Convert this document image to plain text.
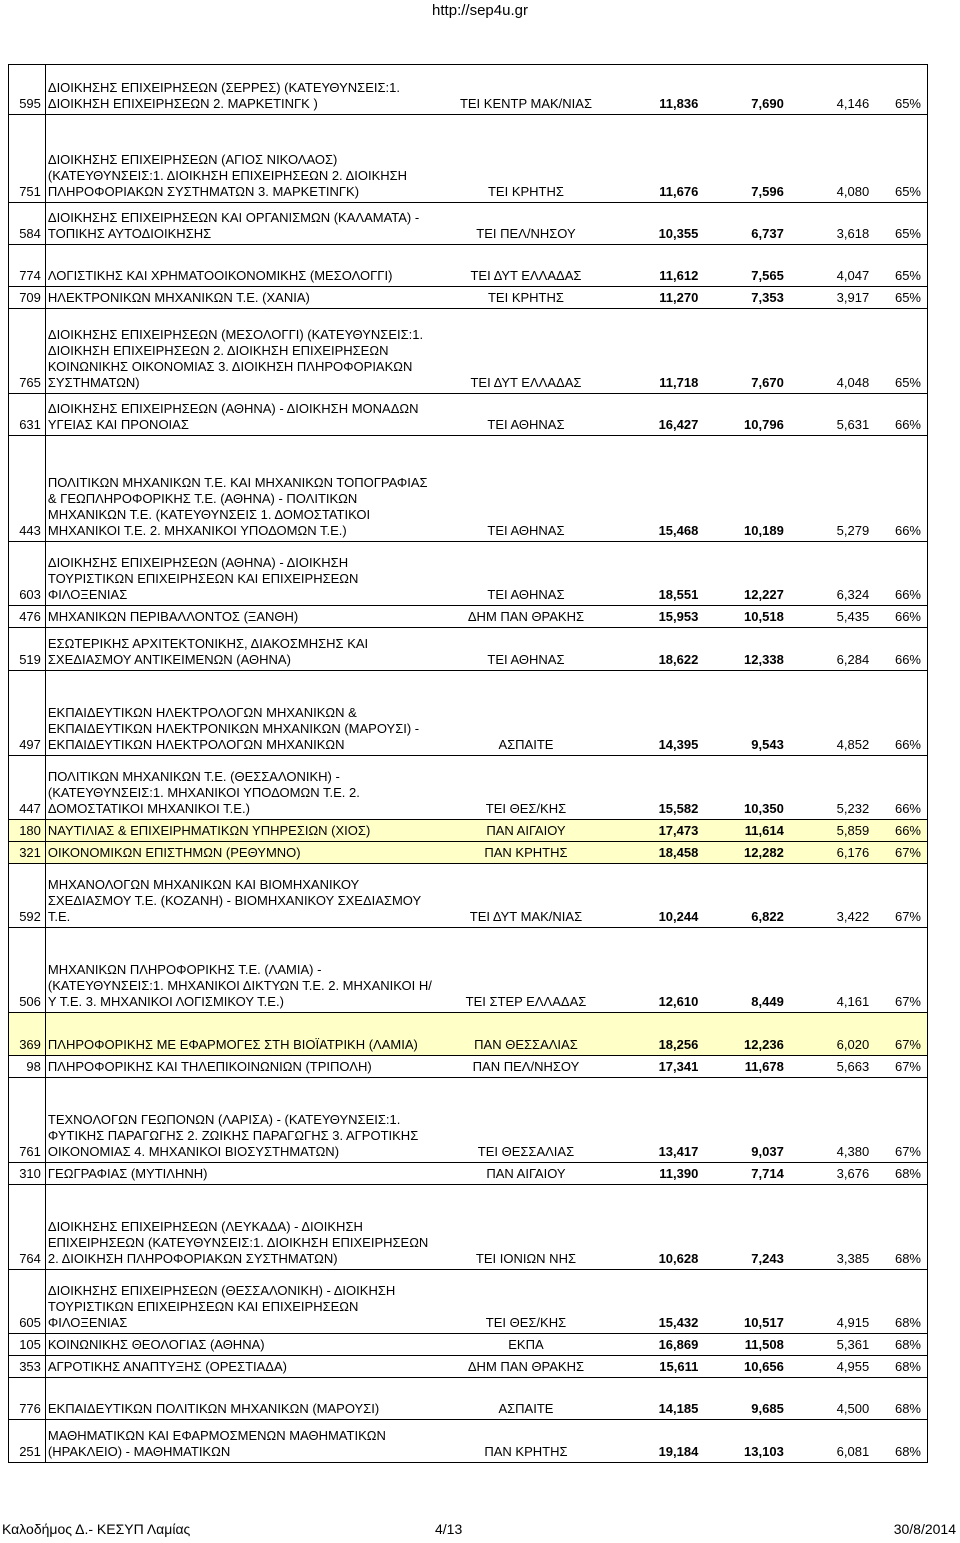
http://sep4u.gr
595	ΔΙΟΙΚΗΣΗΣ ΕΠΙΧΕΙΡΗΣΕΩΝ (ΣΕΡΡΕΣ) (ΚΑΤΕΥΘΥΝΣΕΙΣ:1. ΔΙΟΙΚΗΣΗ ΕΠΙΧΕΙΡΗΣΕΩΝ 2. ΜΑΡΚΕΤΙΝΓΚ )	ΤΕΙ ΚΕΝΤΡ ΜΑΚ/ΝΙΑΣ	11,836	7,690	4,146	65%
751	ΔΙΟΙΚΗΣΗΣ ΕΠΙΧΕΙΡΗΣΕΩΝ (ΑΓΙΟΣ ΝΙΚΟΛΑΟΣ) (ΚΑΤΕΥΘΥΝΣΕΙΣ:1. ΔΙΟΙΚΗΣΗ ΕΠΙΧΕΙΡΗΣΕΩΝ 2. ΔΙΟΙΚΗΣΗ ΠΛΗΡΟΦΟΡΙΑΚΩΝ ΣΥΣΤΗΜΑΤΩΝ 3. ΜΑΡΚΕΤΙΝΓΚ)	ΤΕΙ ΚΡΗΤΗΣ	11,676	7,596	4,080	65%
584	ΔΙΟΙΚΗΣΗΣ ΕΠΙΧΕΙΡΗΣΕΩΝ ΚΑΙ ΟΡΓΑΝΙΣΜΩΝ (ΚΑΛΑΜΑΤΑ) - ΤΟΠΙΚΗΣ ΑΥΤΟΔΙΟΙΚΗΣΗΣ	ΤΕΙ ΠΕΛ/ΝΗΣΟΥ	10,355	6,737	3,618	65%
774	ΛΟΓΙΣΤΙΚΗΣ ΚΑΙ ΧΡΗΜΑΤΟΟΙΚΟΝΟΜΙΚΗΣ (ΜΕΣΟΛΟΓΓΙ)	ΤΕΙ ΔΥΤ ΕΛΛΑΔΑΣ	11,612	7,565	4,047	65%
709	ΗΛΕΚΤΡΟΝΙΚΩΝ ΜΗΧΑΝΙΚΩΝ Τ.Ε. (ΧΑΝΙΑ)	ΤΕΙ ΚΡΗΤΗΣ	11,270	7,353	3,917	65%
765	ΔΙΟΙΚΗΣΗΣ ΕΠΙΧΕΙΡΗΣΕΩΝ (ΜΕΣΟΛΟΓΓΙ) (ΚΑΤΕΥΘΥΝΣΕΙΣ:1. ΔΙΟΙΚΗΣΗ ΕΠΙΧΕΙΡΗΣΕΩΝ 2. ΔΙΟΙΚΗΣΗ ΕΠΙΧΕΙΡΗΣΕΩΝ ΚΟΙΝΩΝΙΚΗΣ ΟΙΚΟΝΟΜΙΑΣ 3. ΔΙΟΙΚΗΣΗ ΠΛΗΡΟΦΟΡΙΑΚΩΝ ΣΥΣΤΗΜΑΤΩΝ)	ΤΕΙ ΔΥΤ ΕΛΛΑΔΑΣ	11,718	7,670	4,048	65%
631	ΔΙΟΙΚΗΣΗΣ ΕΠΙΧΕΙΡΗΣΕΩΝ (ΑΘΗΝΑ) - ΔΙΟΙΚΗΣΗ ΜΟΝΑΔΩΝ ΥΓΕΙΑΣ ΚΑΙ ΠΡΟΝΟΙΑΣ	ΤΕΙ ΑΘΗΝΑΣ	16,427	10,796	5,631	66%
443	ΠΟΛΙΤΙΚΩΝ ΜΗΧΑΝΙΚΩΝ Τ.Ε. ΚΑΙ ΜΗΧΑΝΙΚΩΝ ΤΟΠΟΓΡΑΦΙΑΣ & ΓΕΩΠΛΗΡΟΦΟΡΙΚΗΣ Τ.Ε. (ΑΘΗΝΑ) - ΠΟΛΙΤΙΚΩΝ ΜΗΧΑΝΙΚΩΝ Τ.Ε. (ΚΑΤΕΥΘΥΝΣΕΙΣ 1. ΔΟΜΟΣΤΑΤΙΚΟΙ ΜΗΧΑΝΙΚΟΙ Τ.Ε. 2. ΜΗΧΑΝΙΚΟΙ ΥΠΟΔΟΜΩΝ Τ.Ε.)	ΤΕΙ ΑΘΗΝΑΣ	15,468	10,189	5,279	66%
603	ΔΙΟΙΚΗΣΗΣ ΕΠΙΧΕΙΡΗΣΕΩΝ (ΑΘΗΝΑ) - ΔΙΟΙΚΗΣΗ ΤΟΥΡΙΣΤΙΚΩΝ ΕΠΙΧΕΙΡΗΣΕΩΝ ΚΑΙ ΕΠΙΧΕΙΡΗΣΕΩΝ ΦΙΛΟΞΕΝΙΑΣ	ΤΕΙ ΑΘΗΝΑΣ	18,551	12,227	6,324	66%
476	ΜΗΧΑΝΙΚΩΝ ΠΕΡΙΒΑΛΛΟΝΤΟΣ (ΞΑΝΘΗ)	ΔΗΜ ΠΑΝ ΘΡΑΚΗΣ	15,953	10,518	5,435	66%
519	ΕΣΩΤΕΡΙΚΗΣ ΑΡΧΙΤΕΚΤΟΝΙΚΗΣ, ΔΙΑΚΟΣΜΗΣΗΣ ΚΑΙ ΣΧΕΔΙΑΣΜΟΥ ΑΝΤΙΚΕΙΜΕΝΩΝ (ΑΘΗΝΑ)	ΤΕΙ ΑΘΗΝΑΣ	18,622	12,338	6,284	66%
497	ΕΚΠΑΙΔΕΥΤΙΚΩΝ ΗΛΕΚΤΡΟΛΟΓΩΝ ΜΗΧΑΝΙΚΩΝ & ΕΚΠΑΙΔΕΥΤΙΚΩΝ ΗΛΕΚΤΡΟΝΙΚΩΝ ΜΗΧΑΝΙΚΩΝ (ΜΑΡΟΥΣΙ) - ΕΚΠΑΙΔΕΥΤΙΚΩΝ ΗΛΕΚΤΡΟΛΟΓΩΝ ΜΗΧΑΝΙΚΩΝ	ΑΣΠΑΙΤΕ	14,395	9,543	4,852	66%
447	ΠΟΛΙΤΙΚΩΝ ΜΗΧΑΝΙΚΩΝ Τ.Ε. (ΘΕΣΣΑΛΟΝΙΚΗ) - (ΚΑΤΕΥΘΥΝΣΕΙΣ:1. ΜΗΧΑΝΙΚΟΙ ΥΠΟΔΟΜΩΝ Τ.Ε. 2. ΔΟΜΟΣΤΑΤΙΚΟΙ ΜΗΧΑΝΙΚΟΙ Τ.Ε.)	ΤΕΙ ΘΕΣ/ΚΗΣ	15,582	10,350	5,232	66%
180	ΝΑΥΤΙΛΙΑΣ & ΕΠΙΧΕΙΡΗΜΑΤΙΚΩΝ ΥΠΗΡΕΣΙΩΝ (ΧΙΟΣ)	ΠΑΝ ΑΙΓΑΙΟΥ	17,473	11,614	5,859	66%
321	ΟΙΚΟΝΟΜΙΚΩΝ ΕΠΙΣΤΗΜΩΝ (ΡΕΘΥΜΝΟ)	ΠΑΝ ΚΡΗΤΗΣ	18,458	12,282	6,176	67%
592	ΜΗΧΑΝΟΛΟΓΩΝ ΜΗΧΑΝΙΚΩΝ ΚΑΙ ΒΙΟΜΗΧΑΝΙΚΟΥ ΣΧΕΔΙΑΣΜΟΥ Τ.Ε. (ΚΟΖΑΝΗ) - ΒΙΟΜΗΧΑΝΙΚΟΥ ΣΧΕΔΙΑΣΜΟΥ Τ.Ε.	ΤΕΙ ΔΥΤ ΜΑΚ/ΝΙΑΣ	10,244	6,822	3,422	67%
506	ΜΗΧΑΝΙΚΩΝ ΠΛΗΡΟΦΟΡΙΚΗΣ Τ.Ε. (ΛΑΜΙΑ) - (ΚΑΤΕΥΘΥΝΣΕΙΣ:1. ΜΗΧΑΝΙΚΟΙ ΔΙΚΤΥΩΝ Τ.Ε. 2. ΜΗΧΑΝΙΚΟΙ Η/Υ Τ.Ε. 3. ΜΗΧΑΝΙΚΟΙ ΛΟΓΙΣΜΙΚΟΥ Τ.Ε.)	ΤΕΙ ΣΤΕΡ ΕΛΛΑΔΑΣ	12,610	8,449	4,161	67%
369	ΠΛΗΡΟΦΟΡΙΚΗΣ ΜΕ ΕΦΑΡΜΟΓΕΣ ΣΤΗ ΒΙΟΪΑΤΡΙΚΗ (ΛΑΜΙΑ)	ΠΑΝ ΘΕΣΣΑΛΙΑΣ	18,256	12,236	6,020	67%
98	ΠΛΗΡΟΦΟΡΙΚΗΣ ΚΑΙ ΤΗΛΕΠΙΚΟΙΝΩΝΙΩΝ (ΤΡΙΠΟΛΗ)	ΠΑΝ ΠΕΛ/ΝΗΣΟΥ	17,341	11,678	5,663	67%
761	ΤΕΧΝΟΛΟΓΩΝ ΓΕΩΠΟΝΩΝ (ΛΑΡΙΣΑ) - (ΚΑΤΕΥΘΥΝΣΕΙΣ:1. ΦΥΤΙΚΗΣ ΠΑΡΑΓΩΓΗΣ 2. ΖΩΙΚΗΣ ΠΑΡΑΓΩΓΗΣ 3. ΑΓΡΟΤΙΚΗΣ ΟΙΚΟΝΟΜΙΑΣ 4. ΜΗΧΑΝΙΚΟΙ ΒΙΟΣΥΣΤΗΜΑΤΩΝ)	ΤΕΙ ΘΕΣΣΑΛΙΑΣ	13,417	9,037	4,380	67%
310	ΓΕΩΓΡΑΦΙΑΣ (ΜΥΤΙΛΗΝΗ)	ΠΑΝ ΑΙΓΑΙΟΥ	11,390	7,714	3,676	68%
764	ΔΙΟΙΚΗΣΗΣ ΕΠΙΧΕΙΡΗΣΕΩΝ (ΛΕΥΚΑΔΑ) - ΔΙΟΙΚΗΣΗ ΕΠΙΧΕΙΡΗΣΕΩΝ (ΚΑΤΕΥΘΥΝΣΕΙΣ:1. ΔΙΟΙΚΗΣΗ ΕΠΙΧΕΙΡΗΣΕΩΝ 2. ΔΙΟΙΚΗΣΗ ΠΛΗΡΟΦΟΡΙΑΚΩΝ ΣΥΣΤΗΜΑΤΩΝ)	ΤΕΙ ΙΟΝΙΩΝ ΝΗΣ	10,628	7,243	3,385	68%
605	ΔΙΟΙΚΗΣΗΣ ΕΠΙΧΕΙΡΗΣΕΩΝ (ΘΕΣΣΑΛΟΝΙΚΗ) - ΔΙΟΙΚΗΣΗ ΤΟΥΡΙΣΤΙΚΩΝ ΕΠΙΧΕΙΡΗΣΕΩΝ ΚΑΙ ΕΠΙΧΕΙΡΗΣΕΩΝ ΦΙΛΟΞΕΝΙΑΣ	ΤΕΙ ΘΕΣ/ΚΗΣ	15,432	10,517	4,915	68%
105	ΚΟΙΝΩΝΙΚΗΣ ΘΕΟΛΟΓΙΑΣ (ΑΘΗΝΑ)	ΕΚΠΑ	16,869	11,508	5,361	68%
353	ΑΓΡΟΤΙΚΗΣ ΑΝΑΠΤΥΞΗΣ (ΟΡΕΣΤΙΑΔΑ)	ΔΗΜ ΠΑΝ ΘΡΑΚΗΣ	15,611	10,656	4,955	68%
776	ΕΚΠΑΙΔΕΥΤΙΚΩΝ ΠΟΛΙΤΙΚΩΝ ΜΗΧΑΝΙΚΩΝ (ΜΑΡΟΥΣΙ)	ΑΣΠΑΙΤΕ	14,185	9,685	4,500	68%
251	ΜΑΘΗΜΑΤΙΚΩΝ ΚΑΙ ΕΦΑΡΜΟΣΜΕΝΩΝ ΜΑΘΗΜΑΤΙΚΩΝ (ΗΡΑΚΛΕΙΟ) - ΜΑΘΗΜΑΤΙΚΩΝ	ΠΑΝ ΚΡΗΤΗΣ	19,184	13,103	6,081	68%
Καλοδήμος Δ.- ΚΕΣΥΠ Λαμίας	4/13	30/8/2014
